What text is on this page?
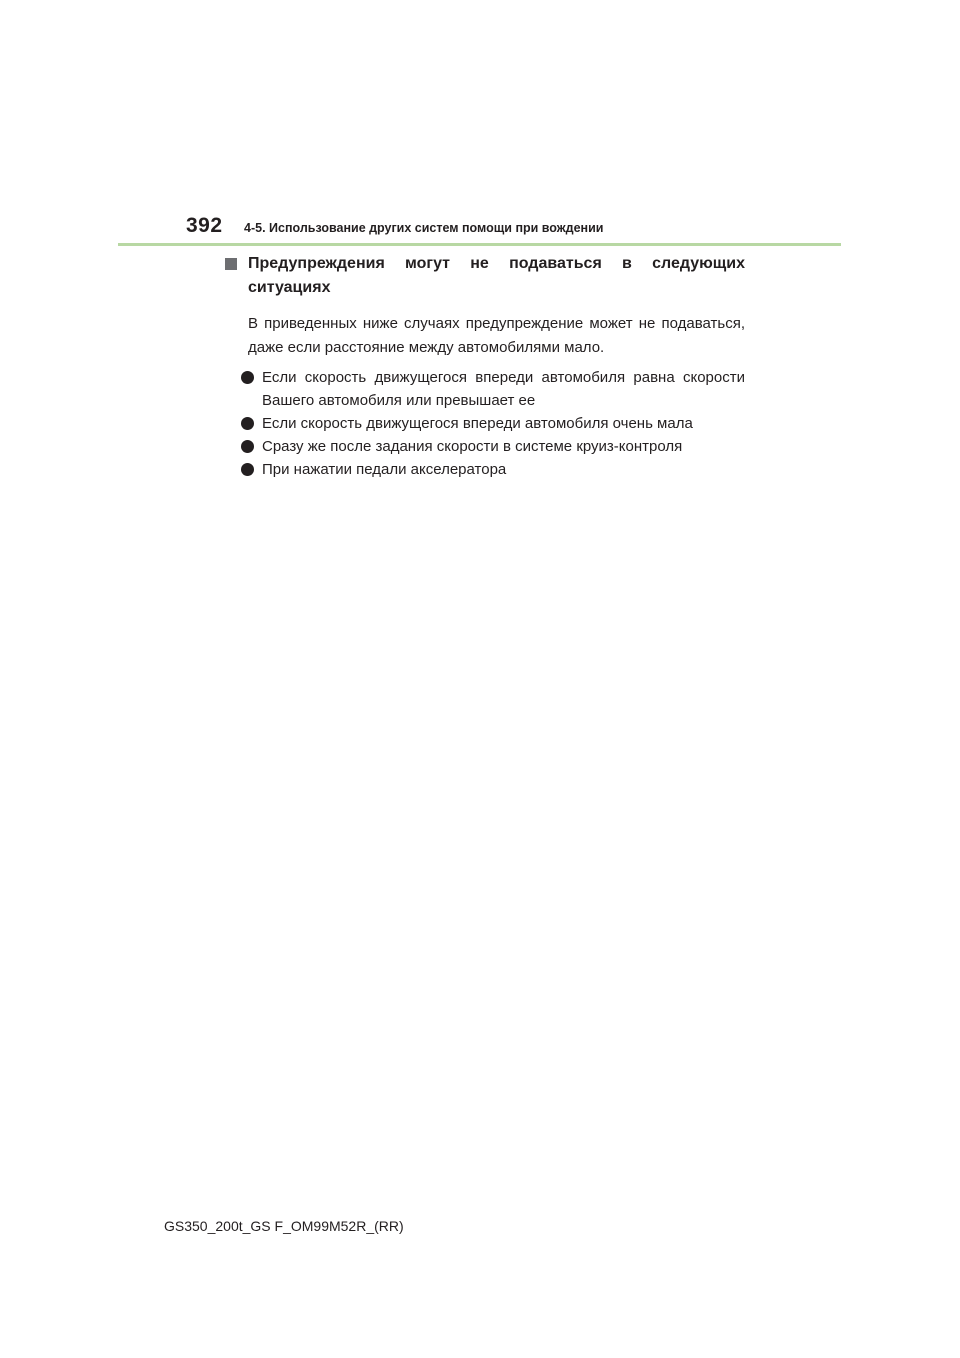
392	4-5. Использование других систем помощи при вождении
Предупреждения могут не подаваться в следующих ситуациях
В приведенных ниже случаях предупреждение может не подаваться, даже если расстояние между автомобилями мало.
Если скорость движущегося впереди автомобиля равна скорости Вашего автомобиля или превышает ее
Если скорость движущегося впереди автомобиля очень мала
Сразу же после задания скорости в системе круиз-контроля
При нажатии педали акселератора
GS350_200t_GS F_OM99M52R_(RR)
